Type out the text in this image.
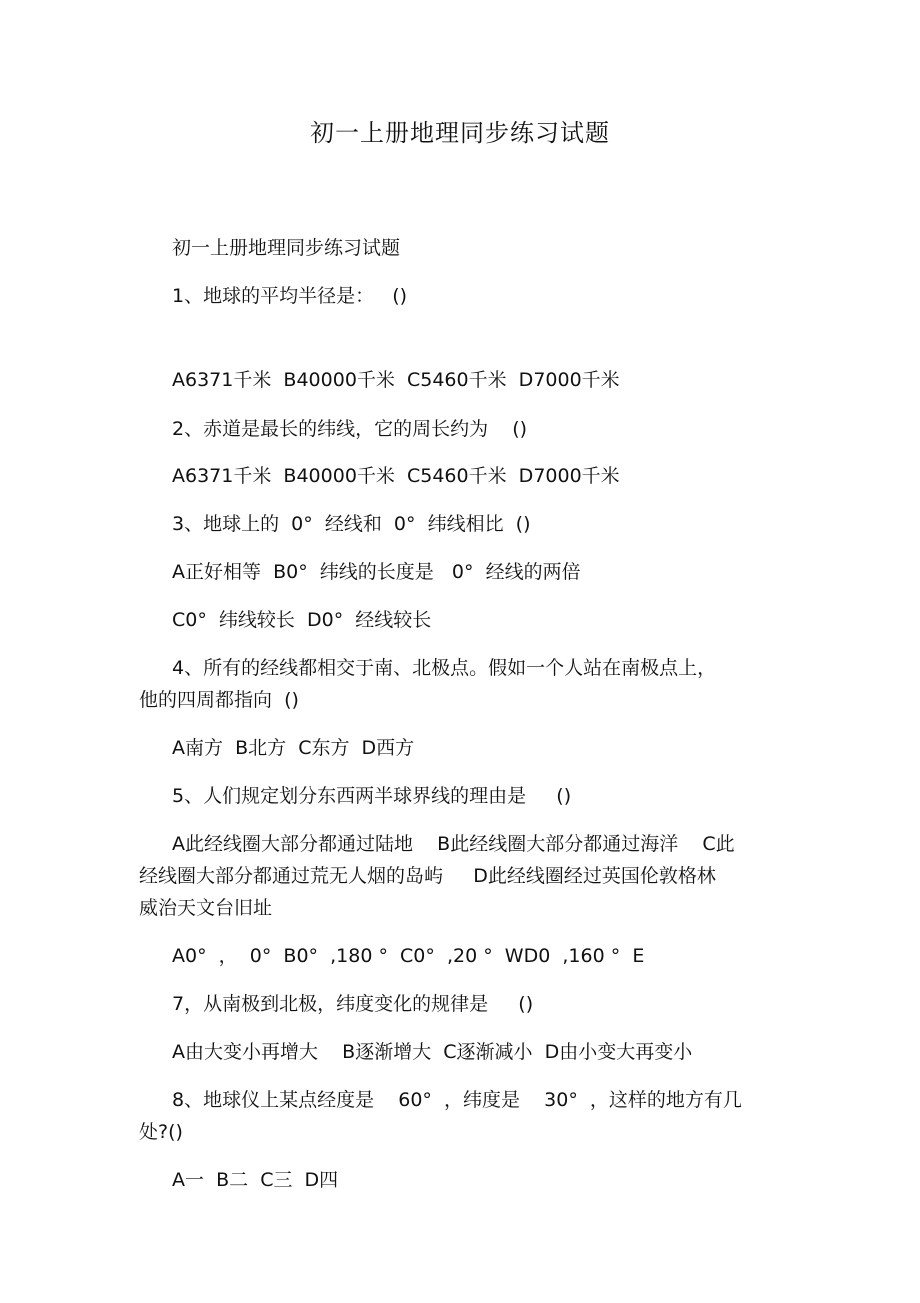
初一上册地理同步练习试题
初一上册地理同步练习试题
1、地球的平均半径是：   ()
A6371千米  B40000千米  C5460千米  D7000千米
2、赤道是最长的纬线，它的周长约为    ()
A6371千米  B40000千米  C5460千米  D7000千米
3、地球上的  0°  经线和  0°  纬线相比  ()
A正好相等  B0°  纬线的长度是   0°  经线的两倍
C0°  纬线较长  D0°  经线较长
4、所有的经线都相交于南、北极点。假如一个人站在南极点上，
他的四周都指向  ()
A南方  B北方  C东方  D西方
5、人们规定划分东西两半球界线的理由是     ()
A此经线圈大部分都通过陆地    B此经线圈大部分都通过海洋    C此
经线圈大部分都通过荒无人烟的岛屿     D此经线圈经过英国伦敦格林
威治天文台旧址
A0°  ，  0°  B0°  ,180 °  C0°  ,20 °  WD0  ,160 °  E
7，从南极到北极，纬度变化的规律是     ()
A由大变小再增大    B逐渐增大  C逐渐减小  D由小变大再变小
8、地球仪上某点经度是    60°  ，纬度是    30°  ，这样的地方有几
处?()
A一  B二  C三  D四
